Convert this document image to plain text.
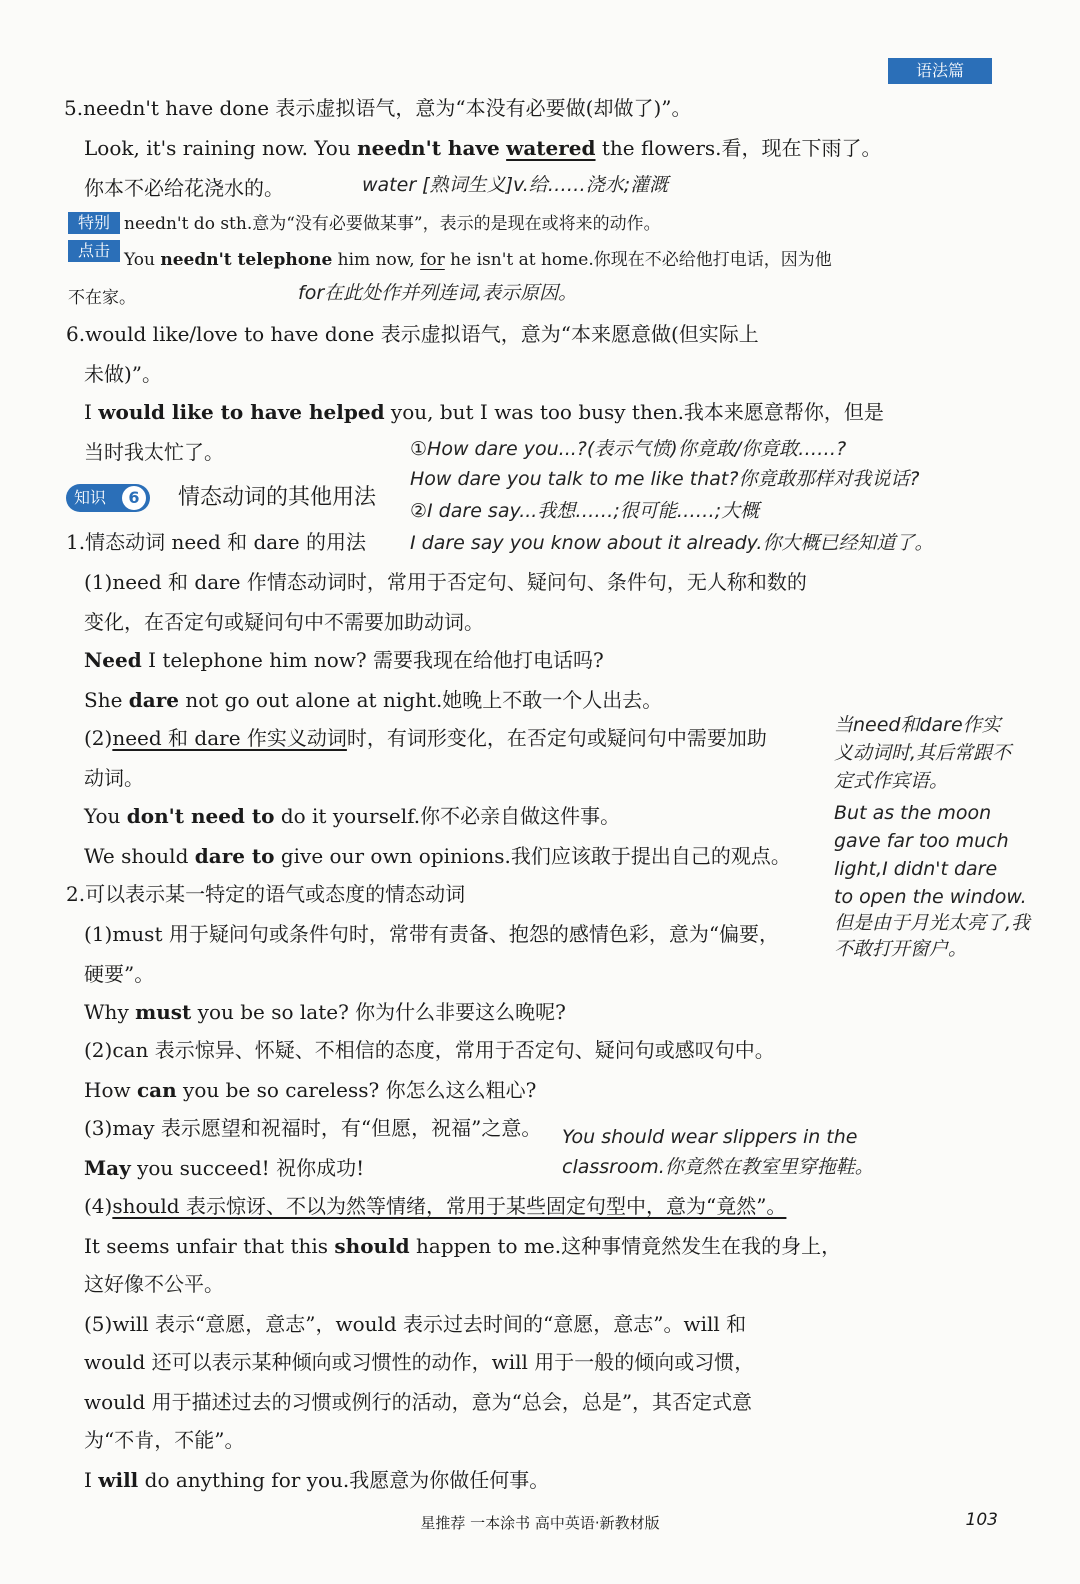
语法篇
5.needn't have done 表示虚拟语气，意为“本没有必要做(却做了)”。
Look, it's raining now. You needn't have watered the flowers.看，现在下雨了。
你本不必给花浇水的。	water [熟词生义]v.给……浇水;灌溉
特别
点击
needn't do sth.意为“没有必要做某事”，表示的是现在或将来的动作。
You needn't telephone him now, for he isn't at home.你现在不必给他打电话，因为他
不在家。	for在此处作并列连词,表示原因。
6.would like/love to have done 表示虚拟语气，意为“本来愿意做(但实际上
未做)”。
I would like to have helped you, but I was too busy then.我本来愿意帮你，但是
当时我太忙了。	①How dare you...?(表示气愤)你竟敢/你竟敢……?
How dare you talk to me like that?你竟敢那样对我说话?
②I dare say...我想……;很可能……;大概
I dare say you know about it already.你大概已经知道了。
知识	6 情态动词的其他用法
1.情态动词 need 和 dare 的用法
(1)need 和 dare 作情态动词时，常用于否定句、疑问句、条件句，无人称和数的
变化，在否定句或疑问句中不需要加助动词。
Need I telephone him now? 需要我现在给他打电话吗?
She dare not go out alone at night.她晚上不敢一个人出去。
(2)need 和 dare 作实义动词时，有词形变化，在否定句或疑问句中需要加助
动词。
You don't need to do it yourself.你不必亲自做这件事。
We should dare to give our own opinions.我们应该敢于提出自己的观点。
当need和dare作实
义动词时,其后常跟不
定式作宾语。
But as the moon
gave far too much
light,I didn't dare
to open the window.
但是由于月光太亮了,我
不敢打开窗户。
2.可以表示某一特定的语气或态度的情态动词
(1)must 用于疑问句或条件句时，常带有责备、抱怨的感情色彩，意为“偏要，
硬要”。
Why must you be so late? 你为什么非要这么晚呢?
(2)can 表示惊异、怀疑、不相信的态度，常用于否定句、疑问句或感叹句中。
How can you be so careless? 你怎么这么粗心?
(3)may 表示愿望和祝福时，有“但愿，祝福”之意。
May you succeed! 祝你成功!
You should wear slippers in the
classroom.你竟然在教室里穿拖鞋。
(4)should 表示惊讶、不以为然等情绪，常用于某些固定句型中，意为“竟然”。
It seems unfair that this should happen to me.这种事情竟然发生在我的身上，
这好像不公平。
(5)will 表示“意愿，意志”，would 表示过去时间的“意愿，意志”。will 和
would 还可以表示某种倾向或习惯性的动作，will 用于一般的倾向或习惯，
would 用于描述过去的习惯或例行的活动，意为“总会，总是”，其否定式意
为“不肯，不能”。
I will do anything for you.我愿意为你做任何事。
星推荐 一本涂书 高中英语·新教材版	103
